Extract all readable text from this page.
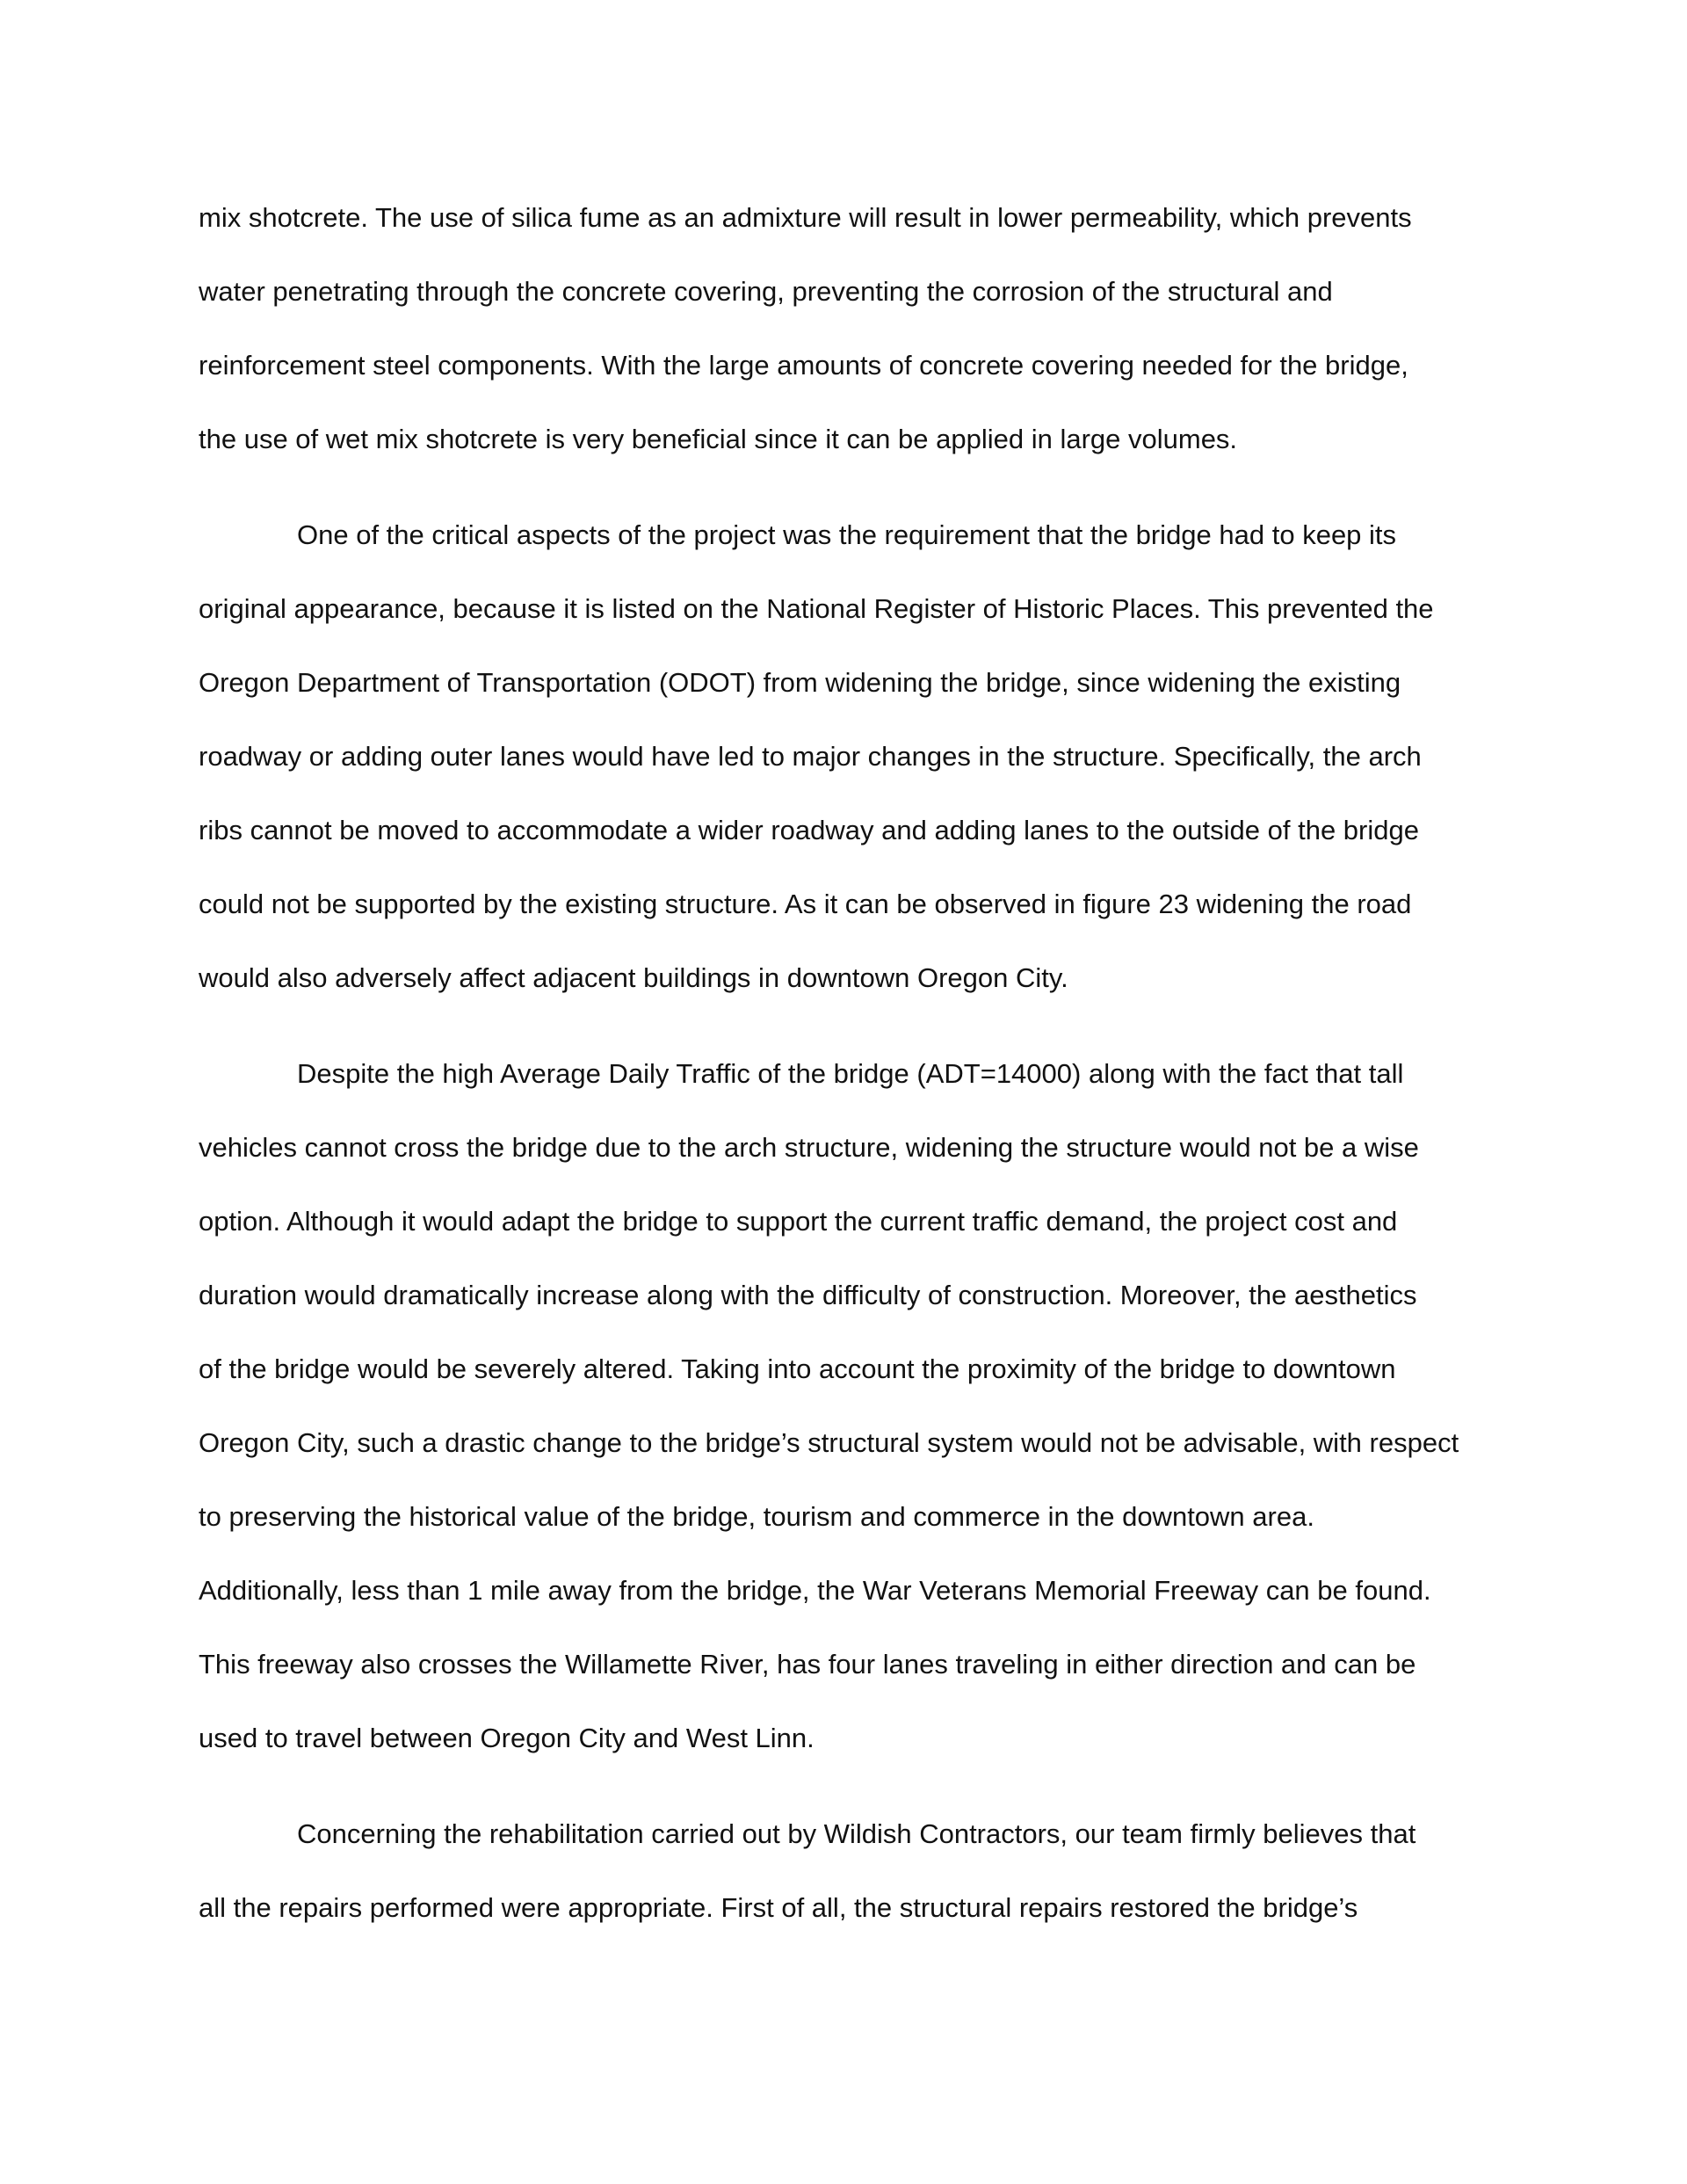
mix shotcrete. The use of silica fume as an admixture will result in lower permeability, which prevents

water penetrating through the concrete covering, preventing the corrosion of the structural and

reinforcement steel components. With the large amounts of concrete covering needed for the bridge,

the use of wet mix shotcrete is very beneficial since it can be applied in large volumes.

One of the critical aspects of the project was the requirement that the bridge had to keep its

original appearance, because it is listed on the National Register of Historic Places. This prevented the

Oregon Department of Transportation (ODOT) from widening the bridge, since widening the existing

roadway or adding outer lanes would have led to major changes in the structure. Specifically, the arch

ribs cannot be moved to accommodate a wider roadway and adding lanes to the outside of the bridge

could not be supported by the existing structure. As it can be observed in figure 23 widening the road

would also adversely affect adjacent buildings in downtown Oregon City.

Despite the high Average Daily Traffic of the bridge (ADT=14000) along with the fact that tall

vehicles cannot cross the bridge due to the arch structure, widening the structure would not be a wise

option. Although it would adapt the bridge to support the current traffic demand, the project cost and

duration would dramatically increase along with the difficulty of construction. Moreover, the aesthetics

of the bridge would be severely altered. Taking into account the proximity of the bridge to downtown

Oregon City, such a drastic change to the bridge’s structural system would not be advisable, with respect

to preserving the historical value of the bridge, tourism and commerce in the downtown area.

Additionally, less than 1 mile away from the bridge, the War Veterans Memorial Freeway can be found.

This freeway also crosses the Willamette River, has four lanes traveling in either direction and can be

used to travel between Oregon City and West Linn.

Concerning the rehabilitation carried out by Wildish Contractors, our team firmly believes that

all the repairs performed were appropriate. First of all, the structural repairs restored the bridge’s
